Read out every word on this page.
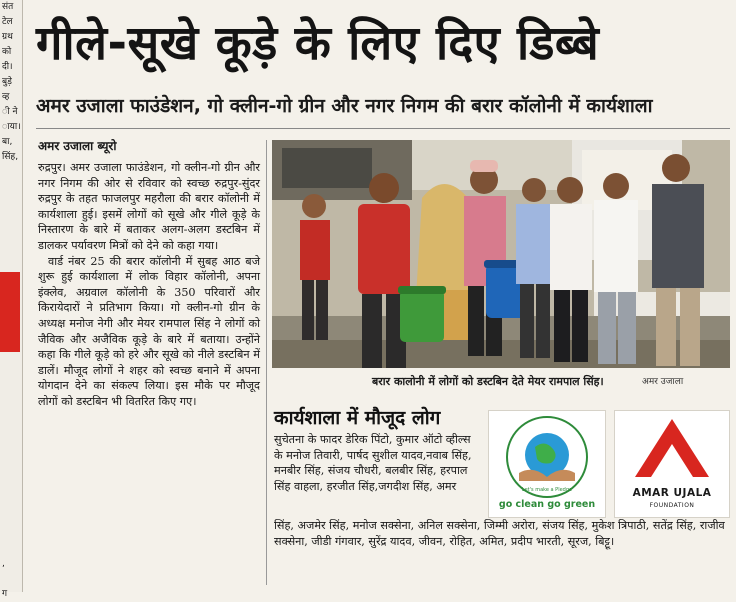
संत
टेल
ग्रथ
को
दी।
बुड़े
व्ह
ी ने
ाया।
बा,
सिंह,

,

ग
गीले-सूखे कूड़े के लिए दिए डिब्बे
अमर उजाला फाउंडेशन, गो क्लीन-गो ग्रीन और नगर निगम की बरार कॉलोनी में कार्यशाला
अमर उजाला ब्यूरो

रुद्रपुर। अमर उजाला फाउंडेशन, गो क्लीन-गो ग्रीन और नगर निगम की ओर से रविवार को स्वच्छ रुद्रपुर-सुंदर रुद्रपुर के तहत फाजलपुर महरौला की बरार कॉलोनी में कार्यशाला हुई। इसमें लोगों को सूखे और गीले कूड़े के निस्तारण के बारे में बताकर अलग-अलग डस्टबिन में डालकर पर्यावरण मित्रों को देने को कहा गया।

वार्ड नंबर 25 की बरार कॉलोनी में सुबह आठ बजे शुरू हुई कार्यशाला में लोक विहार कॉलोनी, अपना इंक्लेव, अग्रवाल कॉलोनी के 350 परिवारों और किरायेदारों ने प्रतिभाग किया। गो क्लीन-गो ग्रीन के अध्यक्ष मनोज नेगी और मेयर रामपाल सिंह ने लोगों को जैविक और अजैविक कूड़े के बारे में बताया। उन्होंने कहा कि गीले कूड़े को हरे और सूखे को नीले डस्टबिन में डालें। मौजूद लोगों ने शहर को स्वच्छ बनाने में अपना योगदान देने का संकल्प लिया। इस मौके पर मौजूद लोगों को डस्टबिन भी वितरित किए गए।

बरार कालोनी में लोगों को डस्टबिन देते मेयर रामपाल सिंह।	अमर उजाला
कार्यशाला में मौजूद लोग
सुचेतना के फादर डेरिक पिंटो, कुमार ऑटो व्हील्स के मनोज तिवारी, पार्षद सुशील यादव,नवाब सिंह, मनबीर सिंह, संजय चौधरी, बलबीर सिंह, हरपाल सिंह वाहला, हरजीत सिंह,जगदीश सिंह, अमर
सिंह, अजमेर सिंह, मनोज सक्सेना, अनिल सक्सेना, जिम्मी अरोरा, संजय सिंह, मुकेश त्रिपाठी, सतेंद्र सिंह, राजीव सक्सेना, जीडी गंगवार, सुरेंद्र यादव, जीवन, रोहित, अमित, प्रदीप भारती, सूरज, बिट्टू।
Let's make a Pledge
go clean go green
AMAR UJALA
FOUNDATION
